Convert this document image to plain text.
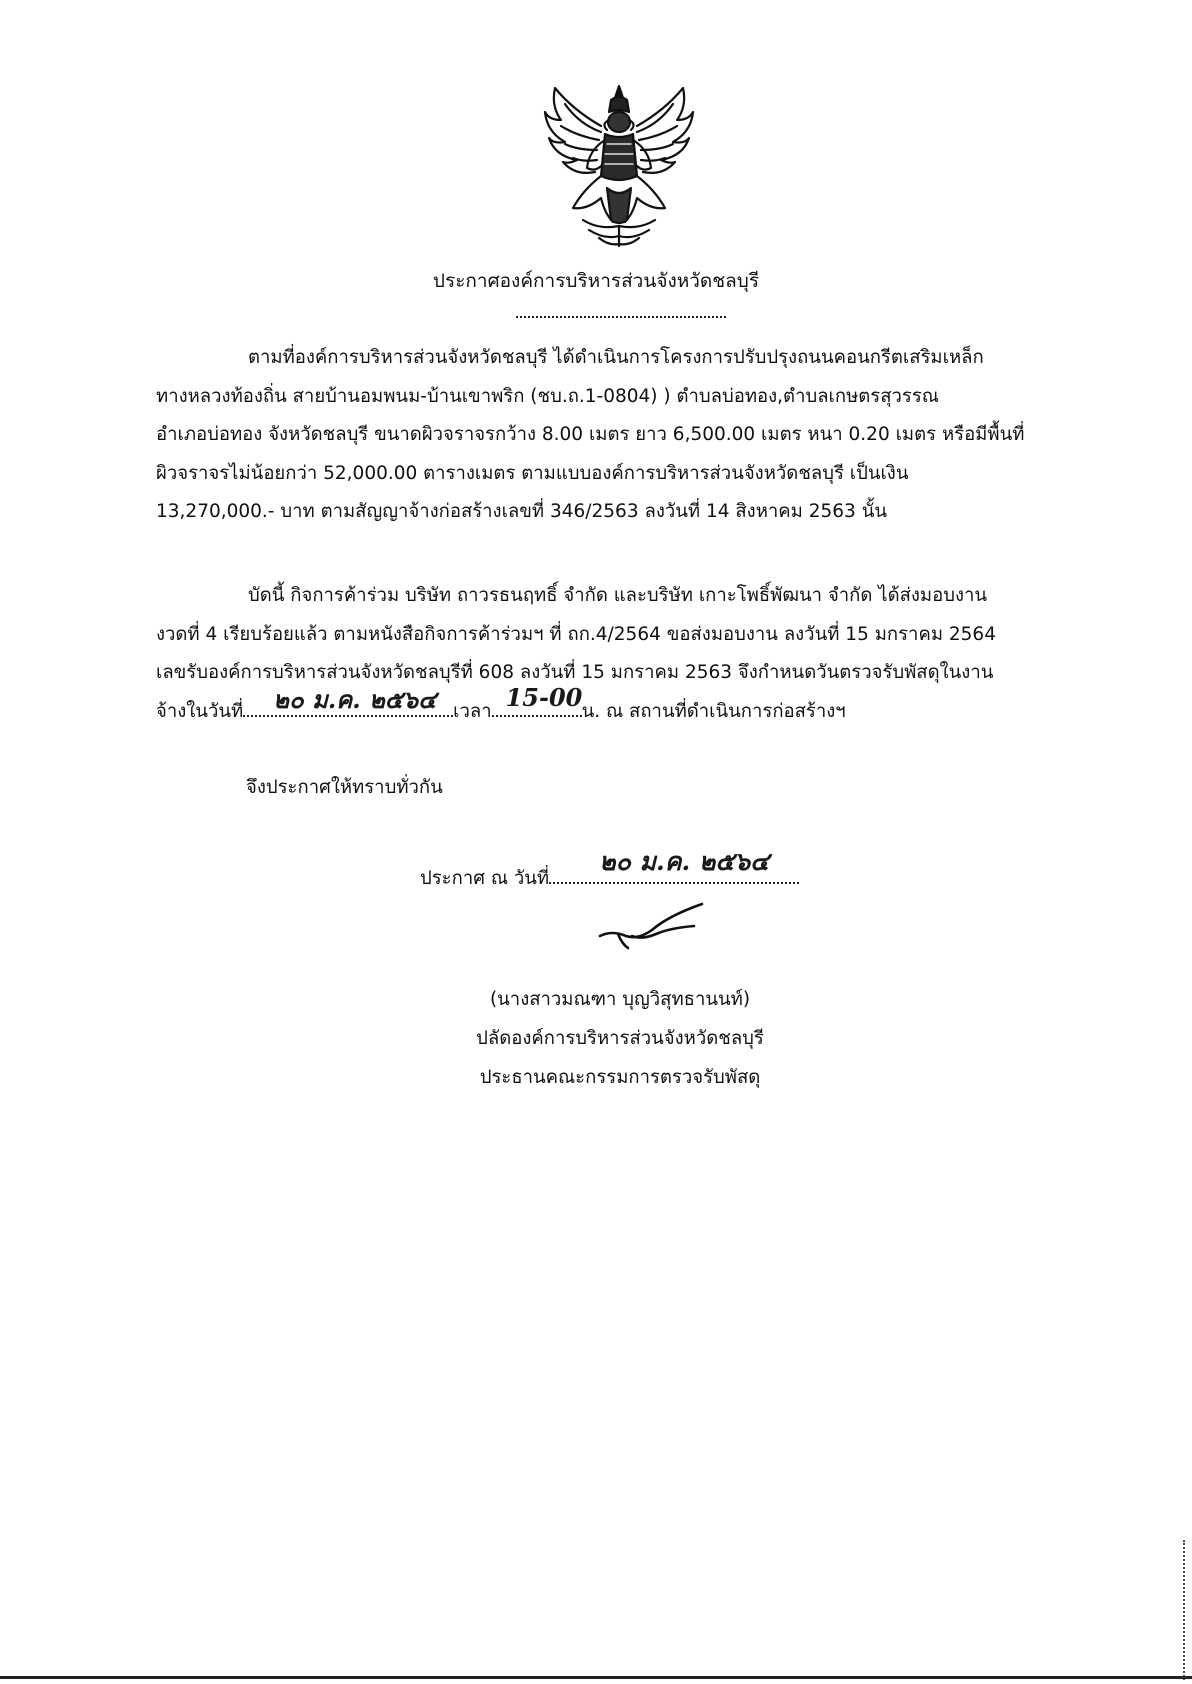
ประกาศองค์การบริหารส่วนจังหวัดชลบุรี
ตามที่องค์การบริหารส่วนจังหวัดชลบุรี ได้ดำเนินการโครงการปรับปรุงถนนคอนกรีตเสริมเหล็ก
ทางหลวงท้องถิ่น สายบ้านอมพนม-บ้านเขาพริก (ชบ.ถ.1-0804) ) ตำบลบ่อทอง,ตำบลเกษตรสุวรรณ
อำเภอบ่อทอง จังหวัดชลบุรี ขนาดผิวจราจรกว้าง 8.00 เมตร ยาว 6,500.00 เมตร หนา 0.20 เมตร หรือมีพื้นที่
ผิวจราจรไม่น้อยกว่า 52,000.00 ตารางเมตร ตามแบบองค์การบริหารส่วนจังหวัดชลบุรี เป็นเงิน
13,270,000.- บาท ตามสัญญาจ้างก่อสร้างเลขที่ 346/2563 ลงวันที่ 14 สิงหาคม 2563 นั้น
บัดนี้ กิจการค้าร่วม บริษัท ถาวรธนฤทธิ์ จำกัด และบริษัท เกาะโพธิ์พัฒนา จำกัด ได้ส่งมอบงาน
งวดที่ 4 เรียบร้อยแล้ว ตามหนังสือกิจการค้าร่วมฯ ที่ ถก.4/2564 ขอส่งมอบงาน ลงวันที่ 15 มกราคม 2564
เลขรับองค์การบริหารส่วนจังหวัดชลบุรีที่ 608 ลงวันที่ 15 มกราคม 2563 จึงกำหนดวันตรวจรับพัสดุในงาน
จ้างในวันที่ ๒๐ ม.ค. ๒๕๖๔ เวลา 15-00 น. ณ สถานที่ดำเนินการก่อสร้างฯ
จึงประกาศให้ทราบทั่วกัน
ประกาศ ณ วันที่
๒๐ ม.ค. ๒๕๖๔
(นางสาวมณฑา บุญวิสุทธานนท์)
ปลัดองค์การบริหารส่วนจังหวัดชลบุรี
ประธานคณะกรรมการตรวจรับพัสดุ
